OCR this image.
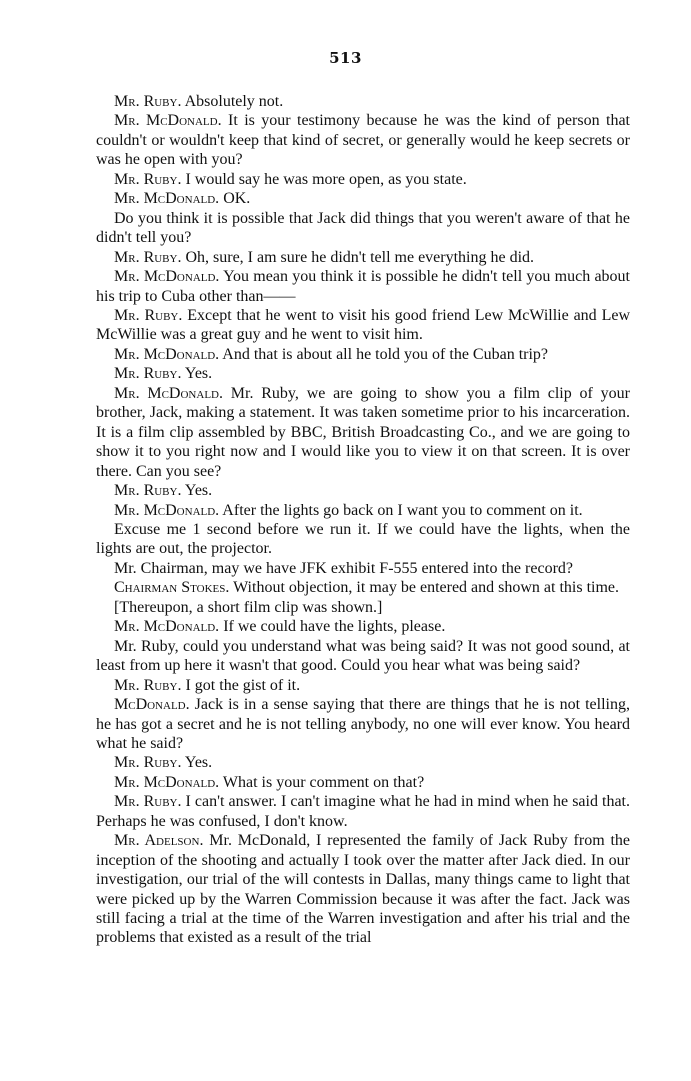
513

Mr. Ruby. Absolutely not.

Mr. McDonald. It is your testimony because he was the kind of person that couldn't or wouldn't keep that kind of secret, or generally would he keep secrets or was he open with you?

Mr. Ruby. I would say he was more open, as you state.

Mr. McDonald. OK.

Do you think it is possible that Jack did things that you weren't aware of that he didn't tell you?

Mr. Ruby. Oh, sure, I am sure he didn't tell me everything he did.

Mr. McDonald. You mean you think it is possible he didn't tell you much about his trip to Cuba other than——

Mr. Ruby. Except that he went to visit his good friend Lew McWillie and Lew McWillie was a great guy and he went to visit him.

Mr. McDonald. And that is about all he told you of the Cuban trip?

Mr. Ruby. Yes.

Mr. McDonald. Mr. Ruby, we are going to show you a film clip of your brother, Jack, making a statement. It was taken sometime prior to his incarceration. It is a film clip assembled by BBC, British Broadcasting Co., and we are going to show it to you right now and I would like you to view it on that screen. It is over there. Can you see?

Mr. Ruby. Yes.

Mr. McDonald. After the lights go back on I want you to comment on it.

Excuse me 1 second before we run it. If we could have the lights, when the lights are out, the projector.

Mr. Chairman, may we have JFK exhibit F-555 entered into the record?

Chairman Stokes. Without objection, it may be entered and shown at this time.

[Thereupon, a short film clip was shown.]

Mr. McDonald. If we could have the lights, please.

Mr. Ruby, could you understand what was being said? It was not good sound, at least from up here it wasn't that good. Could you hear what was being said?

Mr. Ruby. I got the gist of it.

McDonald. Jack is in a sense saying that there are things that he is not telling, he has got a secret and he is not telling anybody, no one will ever know. You heard what he said?

Mr. Ruby. Yes.

Mr. McDonald. What is your comment on that?

Mr. Ruby. I can't answer. I can't imagine what he had in mind when he said that. Perhaps he was confused, I don't know.

Mr. Adelson. Mr. McDonald, I represented the family of Jack Ruby from the inception of the shooting and actually I took over the matter after Jack died. In our investigation, our trial of the will contests in Dallas, many things came to light that were picked up by the Warren Commission because it was after the fact. Jack was still facing a trial at the time of the Warren investigation and after his trial and the problems that existed as a result of the trial
